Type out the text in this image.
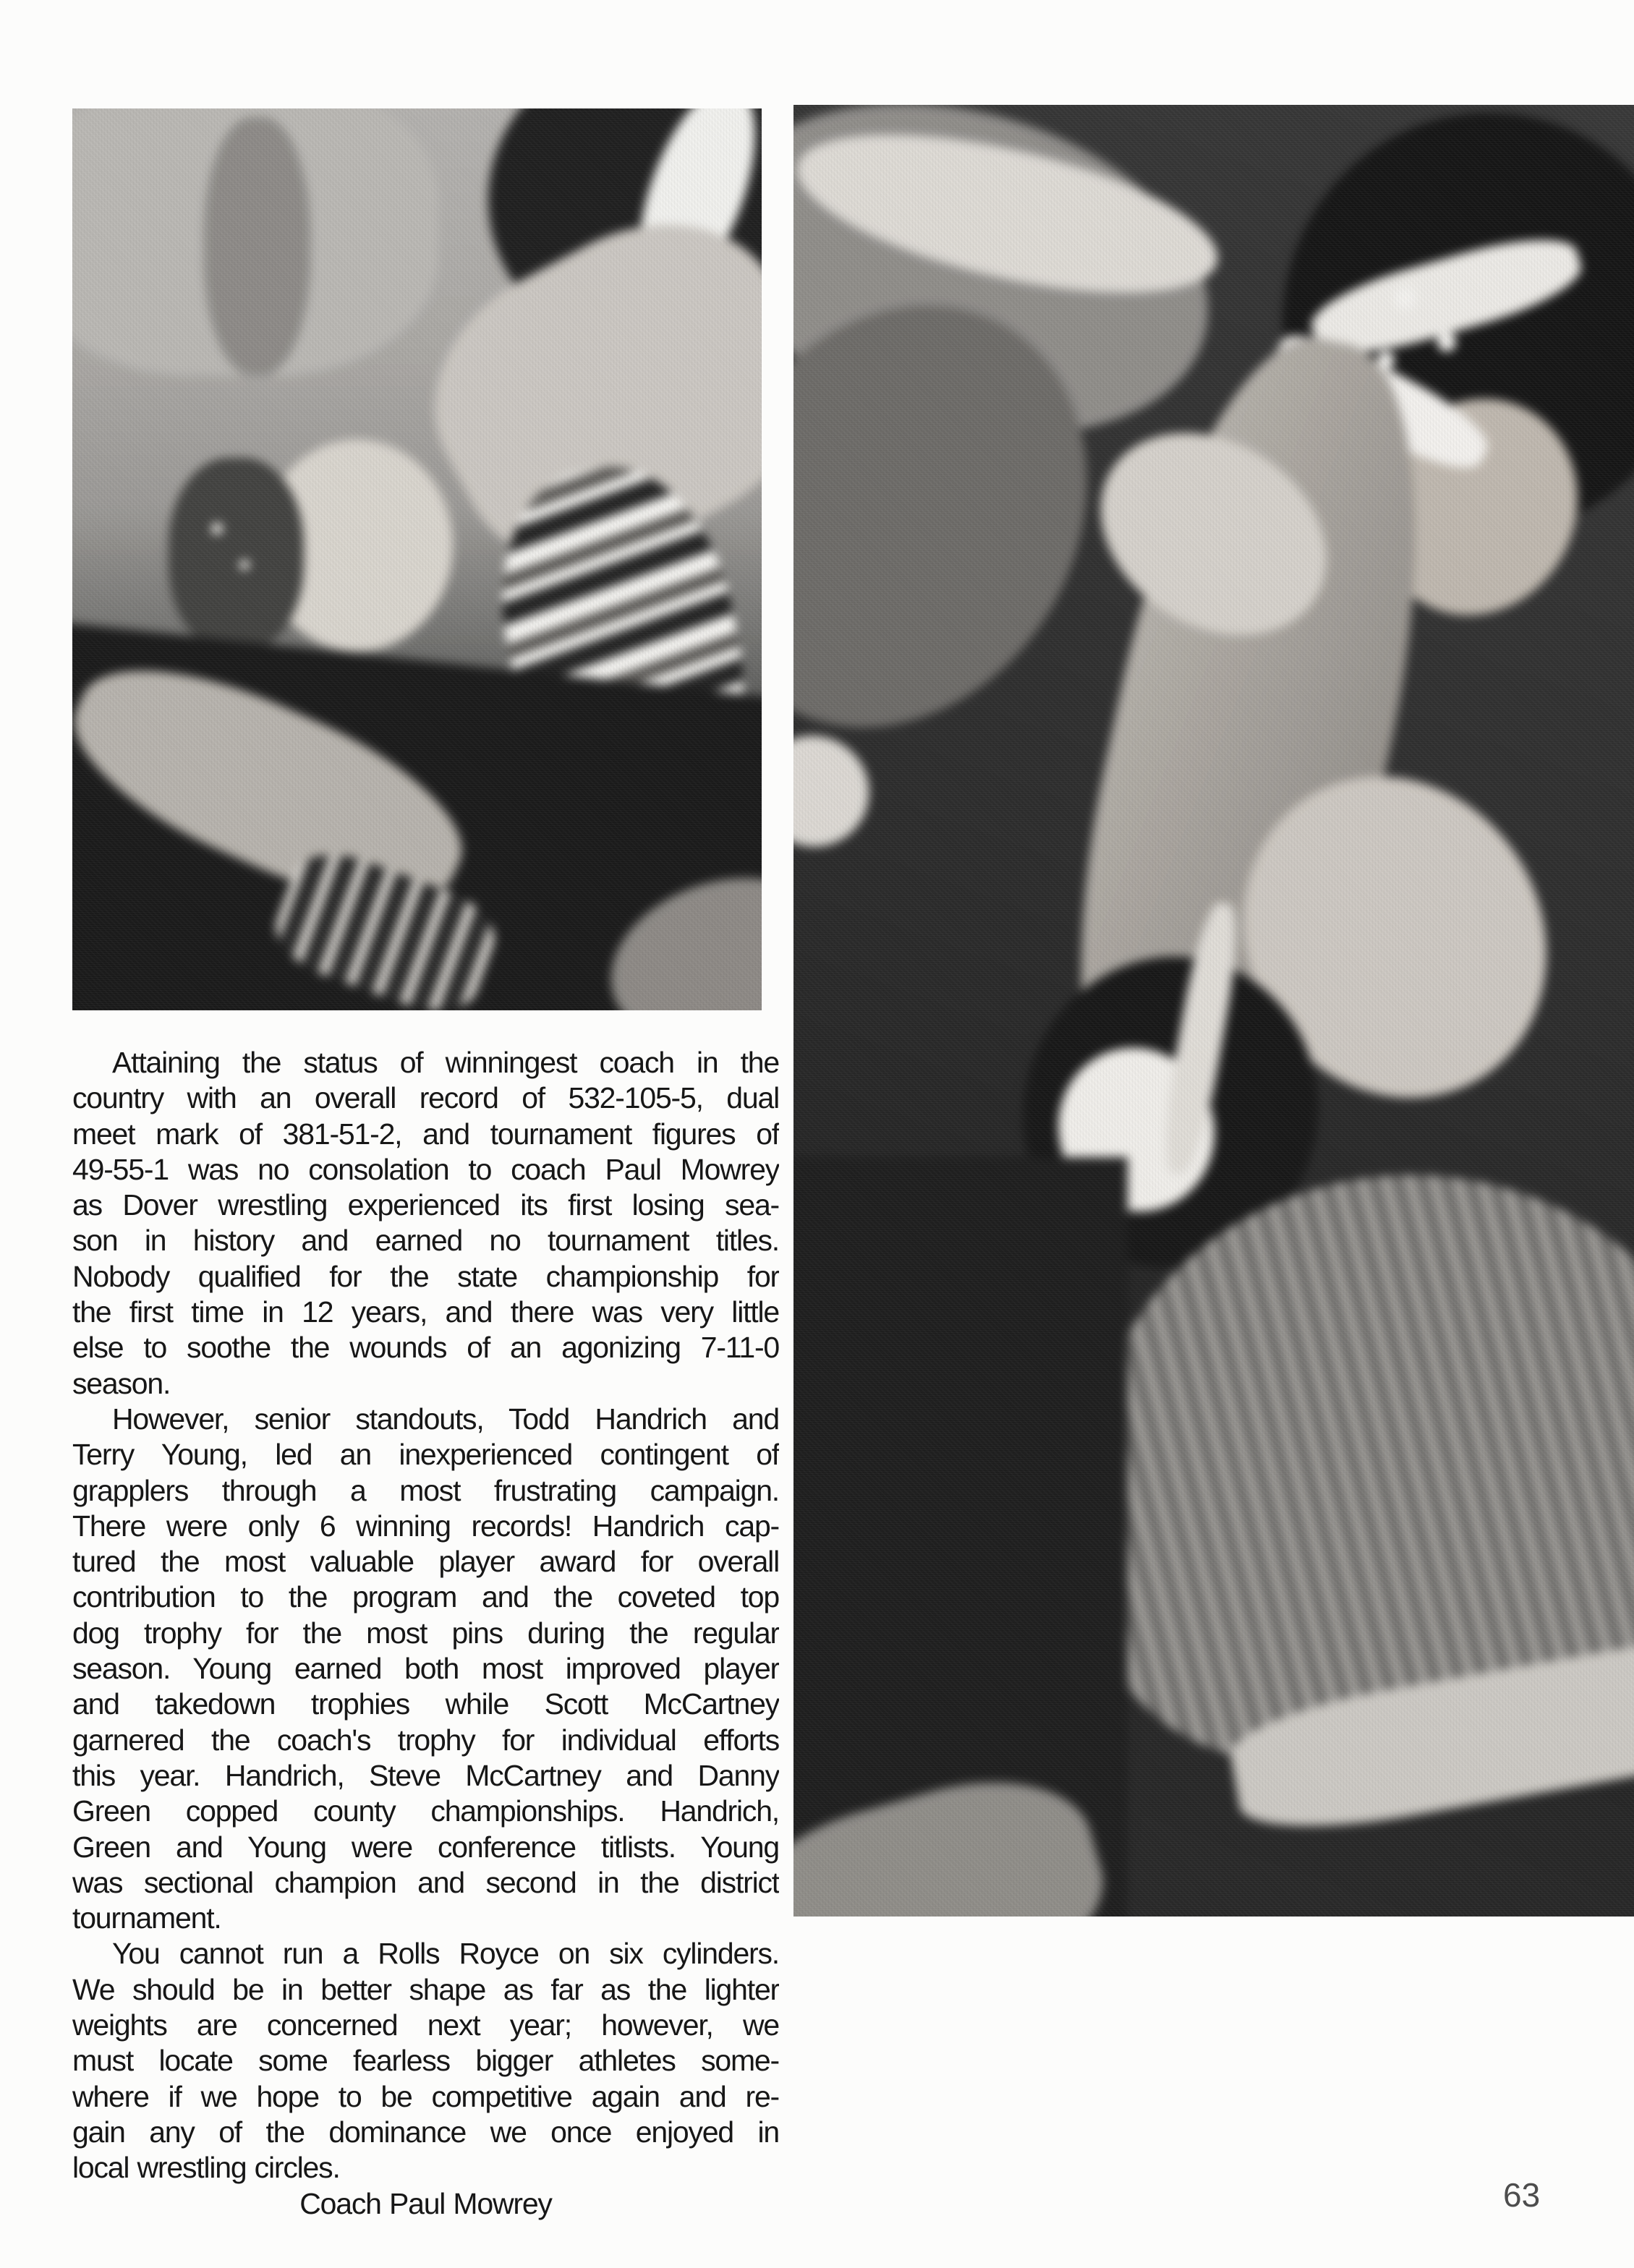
Attaining the status of winningest coach in the
country with an overall record of 532-105-5, dual
meet mark of 381-51-2, and tournament figures of
49-55-1 was no consolation to coach Paul Mowrey
as Dover wrestling experienced its first losing sea-
son in history and earned no tournament titles.
Nobody qualified for the state championship for
the first time in 12 years, and there was very little
else to soothe the wounds of an agonizing 7-11-0
season.
However, senior standouts, Todd Handrich and
Terry Young, led an inexperienced contingent of
grapplers through a most frustrating campaign.
There were only 6 winning records! Handrich cap-
tured the most valuable player award for overall
contribution to the program and the coveted top
dog trophy for the most pins during the regular
season. Young earned both most improved player
and takedown trophies while Scott McCartney
garnered the coach's trophy for individual efforts
this year. Handrich, Steve McCartney and Danny
Green copped county championships. Handrich,
Green and Young were conference titlists. Young
was sectional champion and second in the district
tournament.
You cannot run a Rolls Royce on six cylinders.
We should be in better shape as far as the lighter
weights are concerned next year; however, we
must locate some fearless bigger athletes some-
where if we hope to be competitive again and re-
gain any of the dominance we once enjoyed in
local wrestling circles.
Coach Paul Mowrey	63
